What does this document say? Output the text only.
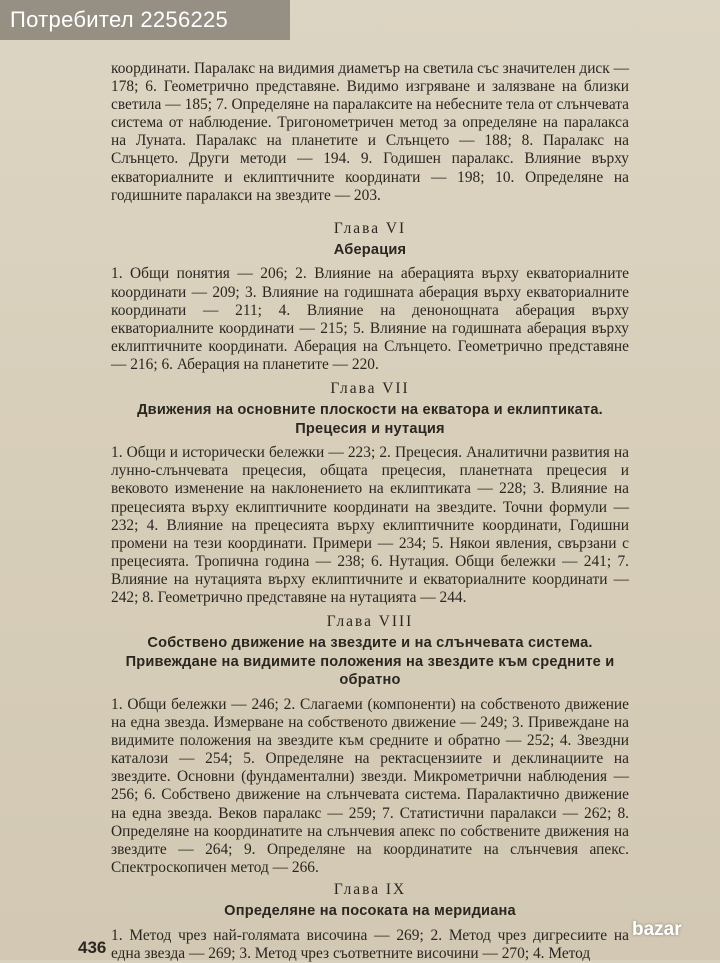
координати. Паралакс на видимия диаметър на светила със значителен диск — 178; 6. Геометрично представяне. Видимо изгряване и залязване на близки светила — 185; 7. Определяне на паралаксите на небесните тела от слънчевата система от наблюдение. Тригонометричен метод за определяне на паралакса на Луната. Паралакс на планетите и Слънцето — 188; 8. Паралакс на Слънцето. Други методи — 194. 9. Годишен паралакс. Влияние върху екваториалните и еклиптичните координати — 198; 10. Определяне на годишните паралакси на звездите — 203.

Глава VI
Аберация

1. Общи понятия — 206; 2. Влияние на аберацията върху екваториалните координати — 209; 3. Влияние на годишната аберация върху екваториалните координати — 211; 4. Влияние на денонощната аберация върху екваториалните координати — 215; 5. Влияние на годишната аберация върху еклиптичните координати. Аберация на Слънцето. Геометрично представяне — 216; 6. Аберация на планетите — 220.

Глава VII
Движения на основните плоскости на екватора и еклиптиката. Прецесия и нутация

1. Общи и исторически бележки — 223; 2. Прецесия. Аналитични развития на лунно-слънчевата прецесия, общата прецесия, планетната прецесия и вековото изменение на наклонението на еклиптиката — 228; 3. Влияние на прецесията върху еклиптичните координати на звездите. Точни формули — 232; 4. Влияние на прецесията върху еклиптичните координати, Годишни промени на тези координати. Примери — 234; 5. Някои явления, свързани с прецесията. Тропична година — 238; 6. Нутация. Общи бележки — 241; 7. Влияние на нутацията върху еклиптичните и екваториалните координати — 242; 8. Геометрично представяне на нутацията — 244.

Глава VIII
Собствено движение на звездите и на слънчевата система. Привеждане на видимите положения на звездите към средните и обратно

1. Общи бележки — 246; 2. Слагаеми (компоненти) на собственото движение на една звезда. Измерване на собственото движение — 249; 3. Привеждане на видимите положения на звездите към средните и обратно — 252; 4. Звездни каталози — 254; 5. Определяне на ректасцензиите и деклинациите на звездите. Основни (фундаментални) звезди. Микрометрични наблюдения — 256; 6. Собствено движение на слънчевата система. Паралактично движение на една звезда. Веков паралакс — 259; 7. Статистични паралакси — 262; 8. Определяне на координатите на слънчевия апекс по собствените движения на звездите — 264; 9. Определяне на координатите на слънчевия апекс. Спектроскопичен метод — 266.

Глава IX
Определяне на посоката на меридиана

1. Метод чрез най-голямата височина — 269; 2. Метод чрез дигресиите на една звезда — 269; 3. Метод чрез съответните височини — 270; 4. Метод

436
Потребител 2256225
bazar
